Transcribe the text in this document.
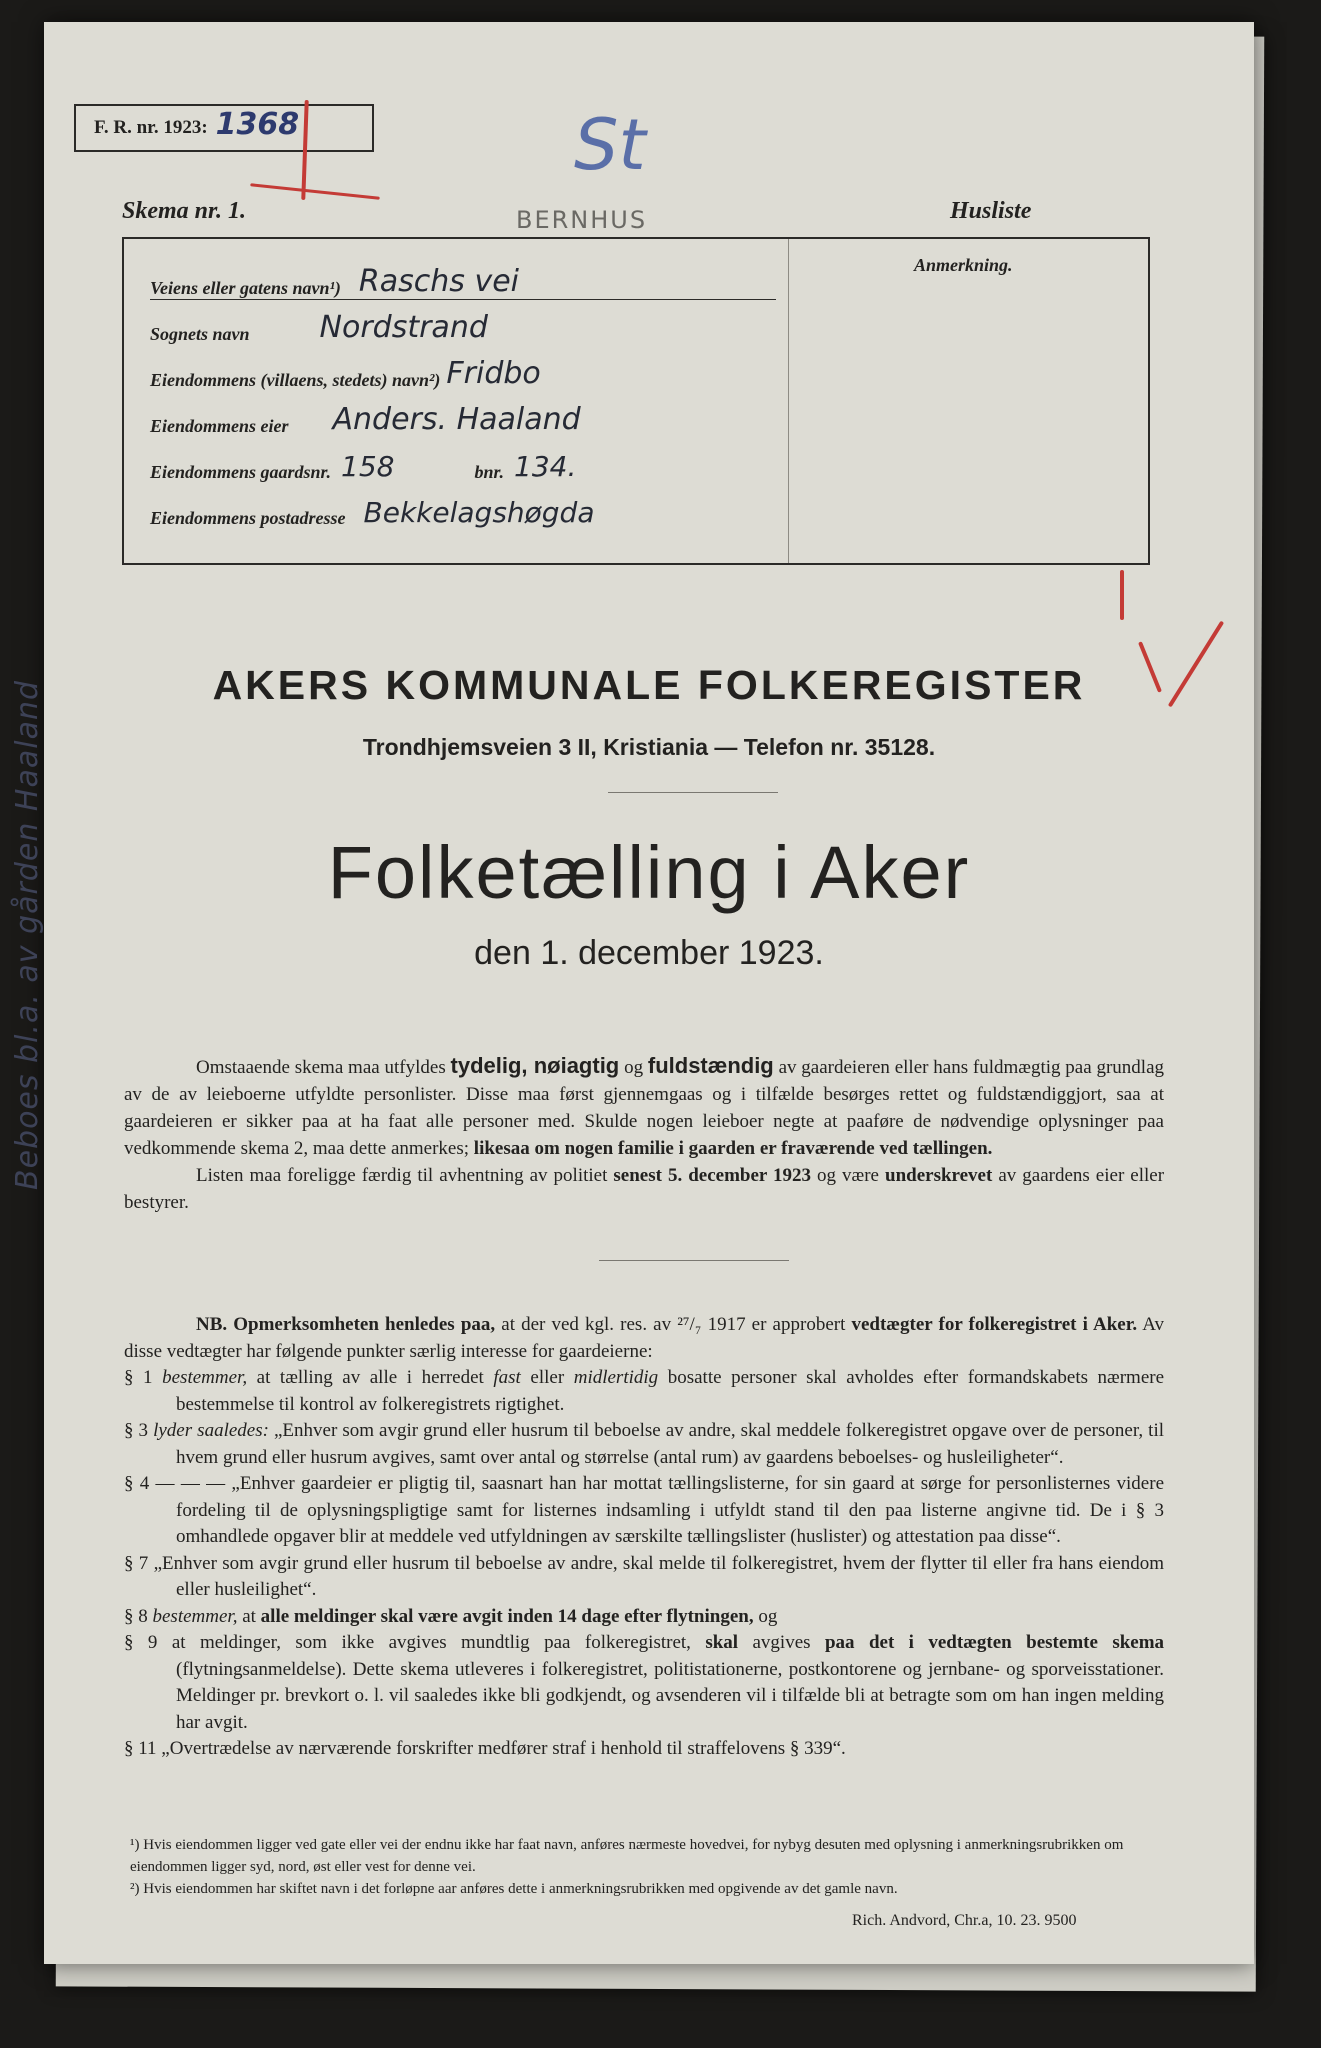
F. R. nr. 1923: 1368	St
Skema nr. 1.	BERNHUS	Husliste
Anmerkning.
Veiens eller gatens navn¹) Raschs vei
Sognets navn Nordstrand
Eiendommens (villaens, stedets) navn²) Fridbo
Eiendommens eier Anders. Haaland
Eiendommens gaardsnr. 158	bnr. 134.
Eiendommens postadresse Bekkelagshøgda
AKERS KOMMUNALE FOLKEREGISTER
Trondhjemsveien 3 II, Kristiania — Telefon nr. 35128.
Folketælling i Aker
den 1. december 1923.

Omstaaende skema maa utfyldes tydelig, nøiagtig og fuldstændig av gaardeieren eller hans fuldmægtig paa grundlag av de av leieboerne utfyldte personlister. Disse maa først gjennemgaas og i tilfælde besørges rettet og fuldstændiggjort, saa at gaardeieren er sikker paa at ha faat alle personer med. Skulde nogen leieboer negte at paaføre de nødvendige oplysninger paa vedkommende skema 2, maa dette anmerkes; likesaa om nogen familie i gaarden er fraværende ved tællingen.

Listen maa foreligge færdig til avhentning av politiet senest 5. december 1923 og være underskrevet av gaardens eier eller bestyrer.

NB. Opmerksomheten henledes paa, at der ved kgl. res. av ²⁷/₇ 1917 er approbert vedtægter for folkeregistret i Aker. Av disse vedtægter har følgende punkter særlig interesse for gaardeierne:

§ 1 bestemmer, at tælling av alle i herredet fast eller midlertidig bosatte personer skal avholdes efter formandskabets nærmere bestemmelse til kontrol av folkeregistrets rigtighet.

§ 3 lyder saaledes: „Enhver som avgir grund eller husrum til beboelse av andre, skal meddele folkeregistret opgave over de personer, til hvem grund eller husrum avgives, samt over antal og størrelse (antal rum) av gaardens beboelses- og husleiligheter“.

§ 4 — — — „Enhver gaardeier er pligtig til, saasnart han har mottat tællingslisterne, for sin gaard at sørge for personlisternes videre fordeling til de oplysningspligtige samt for listernes indsamling i utfyldt stand til den paa listerne angivne tid. De i § 3 omhandlede opgaver blir at meddele ved utfyldningen av særskilte tællingslister (huslister) og attestation paa disse“.

§ 7 „Enhver som avgir grund eller husrum til beboelse av andre, skal melde til folkeregistret, hvem der flytter til eller fra hans eiendom eller husleilighet“.

§ 8 bestemmer, at alle meldinger skal være avgit inden 14 dage efter flytningen, og

§ 9 at meldinger, som ikke avgives mundtlig paa folkeregistret, skal avgives paa det i vedtægten bestemte skema (flytningsanmeldelse). Dette skema utleveres i folkeregistret, politistationerne, postkontorene og jernbane- og sporveisstationer. Meldinger pr. brevkort o. l. vil saaledes ikke bli godkjendt, og avsenderen vil i tilfælde bli at betragte som om han ingen melding har avgit.

§ 11 „Overtrædelse av nærværende forskrifter medfører straf i henhold til straffelovens § 339“.

¹) Hvis eiendommen ligger ved gate eller vei der endnu ikke har faat navn, anføres nærmeste hovedvei, for nybyg desuten med oplysning i anmerkningsrubrikken om eiendommen ligger syd, nord, øst eller vest for denne vei.
²) Hvis eiendommen har skiftet navn i det forløpne aar anføres dette i anmerkningsrubrikken med opgivende av det gamle navn.
Rich. Andvord, Chr.a, 10. 23. 9500
Beboes bl.a. av gården Haaland
